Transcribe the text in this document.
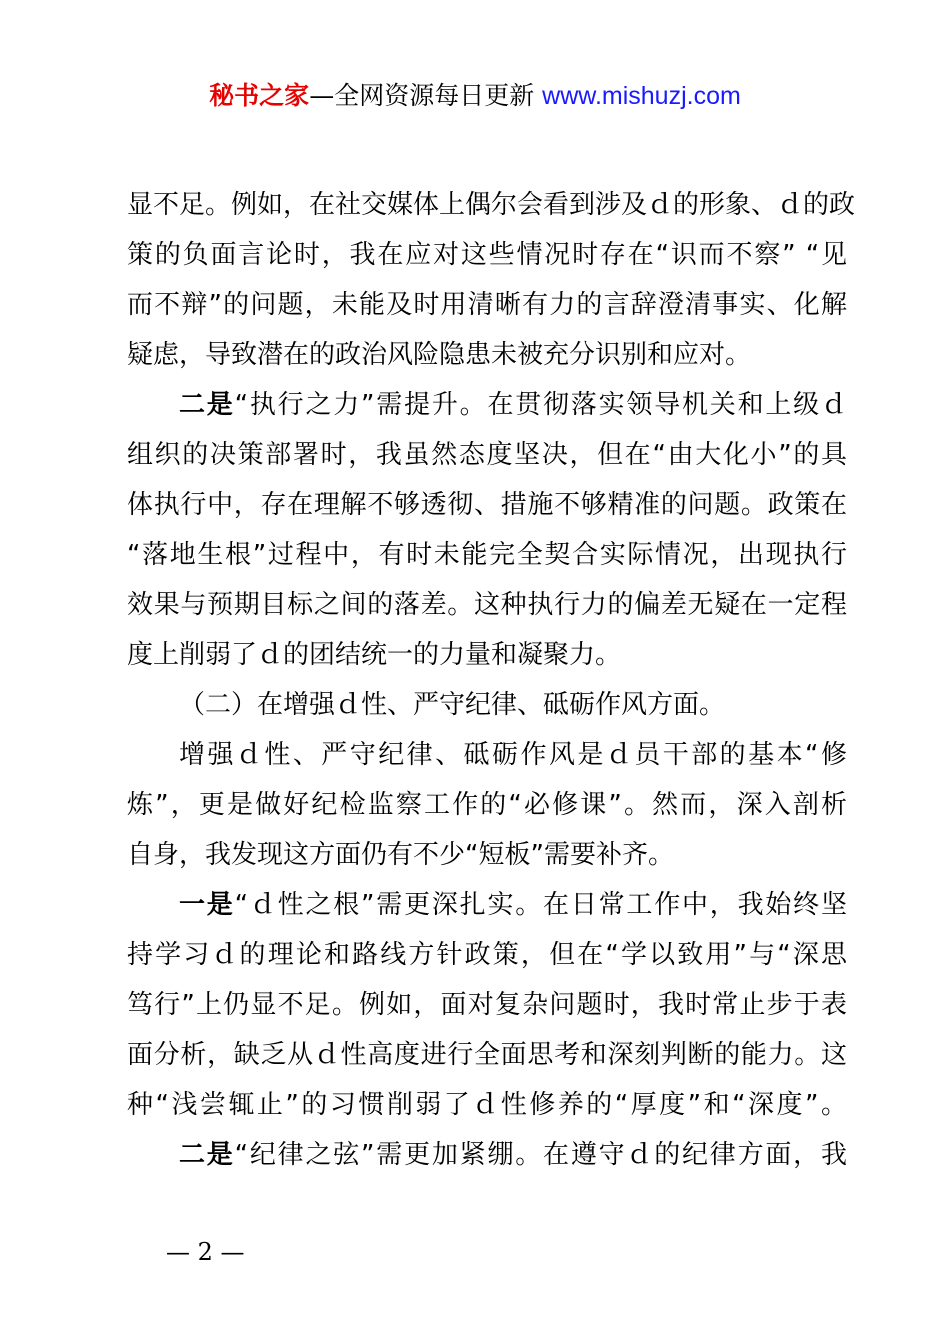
秘书之家—全网资源每日更新 www.mishuzj.com
显不足。例如，在社交媒体上偶尔会看到涉及ｄ的形象、ｄ的政
策的负面言论时，我在应对这些情况时存在“识而不察” “见
而不辩”的问题，未能及时用清晰有力的言辞澄清事实、化解
疑虑，导致潜在的政治风险隐患未被充分识别和应对。
二是“执行之力”需提升。在贯彻落实领导机关和上级ｄ
组织的决策部署时，我虽然态度坚决，但在“由大化小”的具
体执行中，存在理解不够透彻、措施不够精准的问题。政策在
“落地生根”过程中，有时未能完全契合实际情况，出现执行
效果与预期目标之间的落差。这种执行力的偏差无疑在一定程
度上削弱了ｄ的团结统一的力量和凝聚力。
（二）在增强ｄ性、严守纪律、砥砺作风方面。
增强ｄ性、严守纪律、砥砺作风是ｄ员干部的基本“修
炼”，更是做好纪检监察工作的“必修课”。然而，深入剖析
自身，我发现这方面仍有不少“短板”需要补齐。
一是“ｄ性之根”需更深扎实。在日常工作中，我始终坚
持学习ｄ的理论和路线方针政策，但在“学以致用”与“深思
笃行”上仍显不足。例如，面对复杂问题时，我时常止步于表
面分析，缺乏从ｄ性高度进行全面思考和深刻判断的能力。这
种“浅尝辄止”的习惯削弱了ｄ性修养的“厚度”和“深度”。
二是“纪律之弦”需更加紧绷。在遵守ｄ的纪律方面，我
— 2 —
